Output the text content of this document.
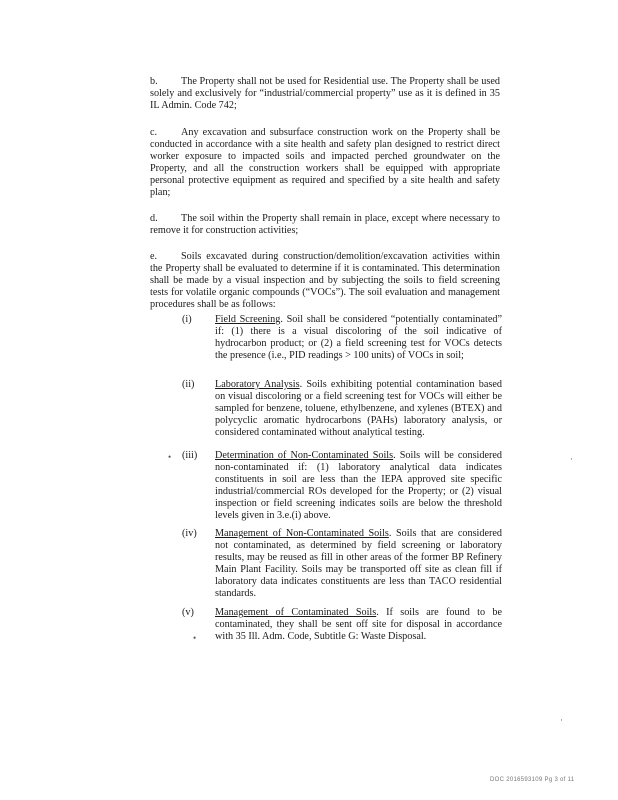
b. The Property shall not be used for Residential use. The Property shall be used solely and exclusively for “industrial/commercial property” use as it is defined in 35 IL Admin. Code 742;

c. Any excavation and subsurface construction work on the Property shall be conducted in accordance with a site health and safety plan designed to restrict direct worker exposure to impacted soils and impacted perched groundwater on the Property, and all the construction workers shall be equipped with appropriate personal protective equipment as required and specified by a site health and safety plan;

d. The soil within the Property shall remain in place, except where necessary to remove it for construction activities;

e. Soils excavated during construction/demolition/excavation activities within the Property shall be evaluated to determine if it is contaminated. This determination shall be made by a visual inspection and by subjecting the soils to field screening tests for volatile organic compounds (“VOCs”). The soil evaluation and management procedures shall be as follows:

(i)	Field Screening. Soil shall be considered “potentially contaminated” if: (1) there is a visual discoloring of the soil indicative of hydrocarbon product; or (2) a field screening test for VOCs detects the presence (i.e., PID readings > 100 units) of VOCs in soil;
(ii)	Laboratory Analysis. Soils exhibiting potential contamination based on visual discoloring or a field screening test for VOCs will either be sampled for benzene, toluene, ethylbenzene, and xylenes (BTEX) and polycyclic aromatic hydrocarbons (PAHs) laboratory analysis, or considered contaminated without analytical testing.
(iii)	Determination of Non-Contaminated Soils. Soils will be considered non-contaminated if: (1) laboratory analytical data indicates constituents in soil are less than the IEPA approved site specific industrial/commercial ROs developed for the Property; or (2) visual inspection or field screening indicates soils are below the threshold levels given in 3.e.(i) above.
(iv)	Management of Non-Contaminated Soils. Soils that are considered not contaminated, as determined by field screening or laboratory results, may be reused as fill in other areas of the former BP Refinery Main Plant Facility. Soils may be transported off site as clean fill if laboratory data indicates constituents are less than TACO residential standards.
(v)	Management of Contaminated Soils. If soils are found to be contaminated, they shall be sent off site for disposal in accordance with 35 Ill. Adm. Code, Subtitle G: Waste Disposal.
•
•
·
·
DOC 2016593109 Pg 3 of 11
